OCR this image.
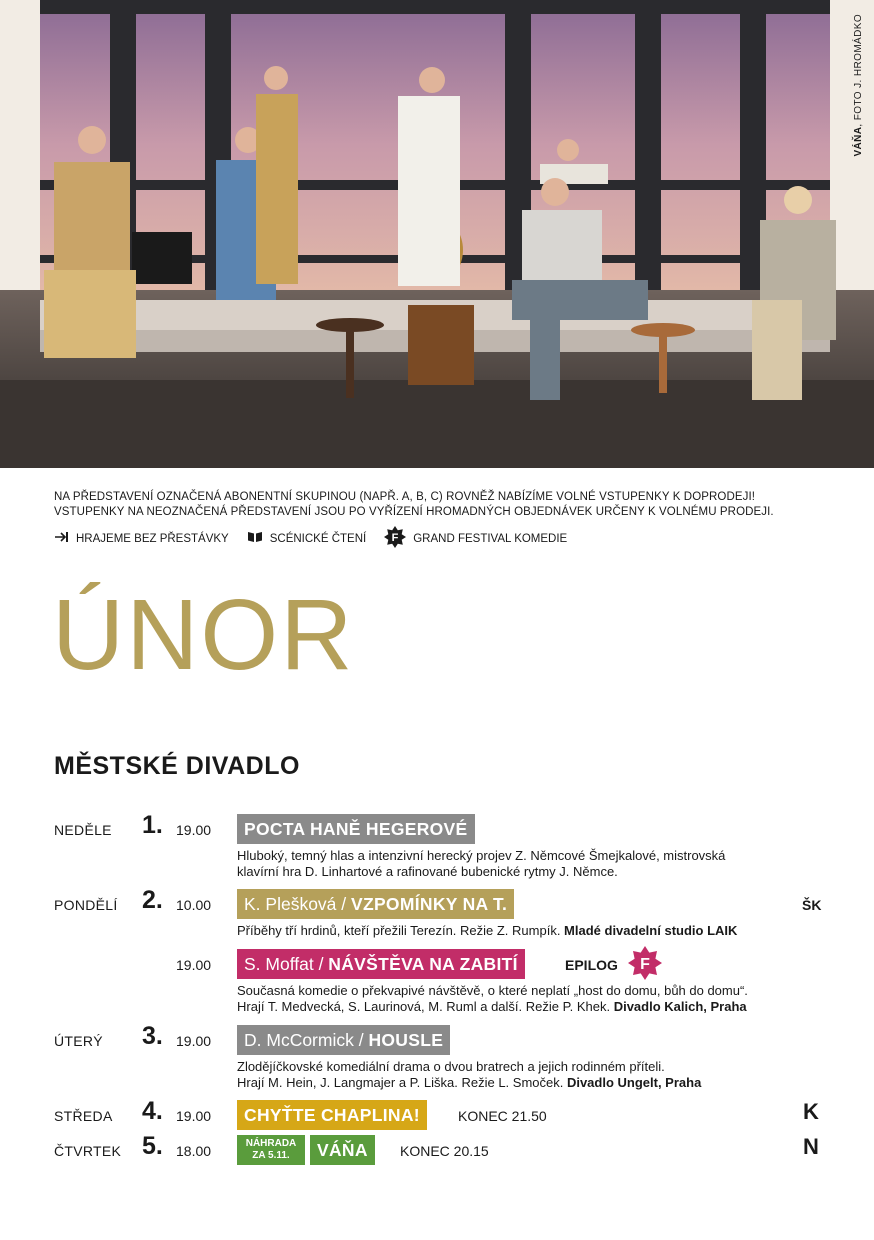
VÁŇA, FOTO J. HROMÁDKO
NA PŘEDSTAVENÍ OZNAČENÁ ABONENTNÍ SKUPINOU (NAPŘ. A, B, C) ROVNĚŽ NABÍZÍME VOLNÉ VSTUPENKY K DOPRODEJI!
VSTUPENKY NA NEOZNAČENÁ PŘEDSTAVENÍ JSOU PO VYŘÍZENÍ HROMADNÝCH OBJEDNÁVEK URČENY K VOLNÉMU PRODEJI.
HRAJEME BEZ PŘESTÁVKY	SCÉNICKÉ ČTENÍ F GRAND FESTIVAL KOMEDIE
ÚNOR
MĚSTSKÉ DIVADLO
NEDĚLE 1. 19.00	POCTA HANĚ HEGEROVÉ
Hluboký, temný hlas a intenzivní herecký projev Z. Němcové Šmejkalové, mistrovská
klavírní hra D. Linhartové a rafinované bubenické rytmy J. Němce.
PONDĚLÍ 2. 10.00	K. Plešková / VZPOMÍNKY NA T.	ŠK
Příběhy tří hrdinů, kteří přežili Terezín. Režie Z. Rumpík. Mladé divadelní studio LAIK
19.00	S. Moffat / NÁVŠTĚVA NA ZABITÍ	EPILOG F
Současná komedie o překvapivé návštěvě, o které neplatí „host do domu, bůh do domu“.
Hrají T. Medvecká, S. Laurinová, M. Ruml a další. Režie P. Khek. Divadlo Kalich, Praha
ÚTERÝ 3. 19.00	D. McCormick / HOUSLE
Zlodějíčkovské komediální drama o dvou bratrech a jejich rodinném příteli.
Hrají M. Hein, J. Langmajer a P. Liška. Režie L. Smoček. Divadlo Ungelt, Praha
STŘEDA 4. 19.00	CHYŤTE CHAPLINA!	KONEC 21.50	K
ČTVRTEK 5. 18.00	NÁHRADA
ZA 5.11.	VÁŇA	KONEC 20.15	N
